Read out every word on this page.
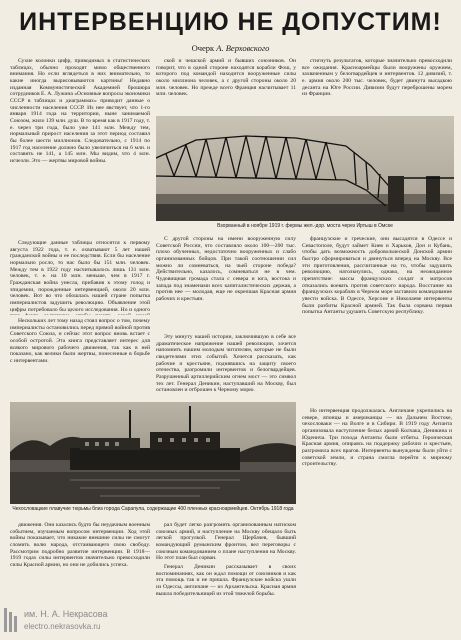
ИНТЕРВЕНЦИЮ НЕ ДОПУСТИМ!
Очерк А. Верховского

Сухие колонки цифр, приводимых в статистических таблицах, обычно проходят мимо общественного внимания. Но если вглядеться в них внимательно, то какие иногда вырисовываются картины! Недавно изданная Коммунистической Академией брошюра сотрудников Е. А. Лужина «Основные вопросы экономики СССР в таблицах и диаграммах» приводит данные о численности населения СССР. Из нее явствует, что 1-го января 1914 года на территории, ныне занимаемой Союзом, жило 139 млн. душ. В то время как в 1917 году, т. е. через три года, было уже 141 млн. Между тем, нормальный прирост населения за этот период составил бы более шести миллионов. Следовательно, с 1914 по 1917 год население должно было увеличиться на 6 млн. и составить не 141, а 145 млн. Мы видим, что 4 млн. исчезли. Это — жертвы мировой войны.

Следующие данные таблицы относятся к первому августа 1922 года, т. е. охватывают 5 лет нашей гражданской войны и ее последствия. Если бы население нормально росло, то нас было бы 151 млн. человек. Между тем в 1922 году насчитывалось лишь 131 млн. человек, т. е. на 10 млн. меньше, чем в 1917 г. Гражданская война унесла, прибавив к этому голод и эпидемии, порожденные интервенцией, около 20 млн. человек. Вот во что обошлась нашей стране попытка империалистов задушить революцию. Объявление этой цифры потребовало бы целого исследования. Но и одного

Нескольких лет тому назад стоял вопрос о том, почему империалисты остановились перед прямой войной против Советского Союза, и сейчас этот вопрос вновь встает с особой остротой. Эта книга представляет интерес для всякого мирового рабочего движения, так как в ней показано, как велики были жертвы, понесенные в борьбе с интервентами.

ской и чешской армий и бывших союзников. Он говорит, что в одной стороне находятся корабли Фош, у которого под командой находится вооруженные силы около миллиона человек, а с другой стороны около 20 млн. человек. Но прежде всего Франция насчитывает 11 млн. человек.

Взорванный в ноябре 1919 г. фермы жел.-дор. моста через Иртыш в Омске

С другой стороны на имени вооруженную силу Советской России, что составляло около 100—200 тыс. плохо обученных, недостаточно вооруженных и слабо организованных бойцов. При такой соотношении сил можно ли сомневаться, на чьей стороне победа? Действительно, казалось, сомневаться не в чем. Чудовищная громада стала с севера и юга, востока и запада под знаменами всех капиталистических держав, а против нее — молодая, еще не окрепшая Красная армия рабочих и крестьян.

Эту минуту нашей истории, заключившую в себе все драматическое напряжение нашей революции, хочется напомнить нашим молодым читателям, которые не были свидетелями этих событий. Хочется рассказать, как рабочие и крестьяне, поднявшись на защиту своего отечества, разгромили интервентов и белогвардейцев. Разрушенный артиллерийским огнем мост — это символ тех лет. Генерал Деникин, наступавший на Москву, был остановлен и отброшен к Черному морю.

стигнуть результатов, которые значительно превосходили все ожидания. Красноармейцы были вооружены оружием, захваченным у белогвардейцев и интервентов. 12 дивизий, т. е. армия около 200 тыс. человек, будет двинута высадкою десанта на Юге России. Дивизии будут переброшены морем из Франции.

французские и греческие, они высадятся в Одессе и Севастополе, будут займет Киев и Харьков, Дон и Кубань, чтобы дать возможность добровольческой Донской армии быстро сформироваться и двинуться вперед на Москву. Все эти приготовления, рассчитанные на то, чтобы задушить революцию, натолкнулись, однако, на неожиданное препятствие: массы французских солдат и матросов отказались воевать против советского народа. Восстание на французских кораблях в Черном море заставило командование увести войска. В Одессе, Херсоне и Николаеве интервенты были разбиты Красной армией. Так была сорвана первая попытка Антанты удушить Советскую республику.

Но интервенция продолжалась. Англичане укрепились на севере, японцы и американцы — на Дальнем Востоке, чехословаки — на Волге и в Сибири. В 1919 году Антанта организовала наступление белых армий Колчака, Деникина и Юденича. Три похода Антанты были отбиты. Героическая Красная армия, опираясь на поддержку рабочих и крестьян, разгромила всех врагов. Интервенты вынуждены были уйти с советской земли, и страна смогла перейти к мирному строительству.

Чехословацкие плавучие тюрьмы близ города Сарапула, содержащие 400 пленных красноармейцев. Октябрь 1918 года

движения. Они казались будто бы неудачным военным событием, изучаемым вопросом интервенции. Ход этой войны показывает, что никакие внешние силы не смогут сломить волю народа, отстаивающего свою свободу. Рассмотрим подробно развитие интервенции. В 1918—1919 годах силы интервентов значительно превосходили силы Красной армии, но они не добились успеха.

рал будет легко разгромить организованным натиском союзных армий, и наступление на Москву обещало быть легкой прогулкой. Генерал Щербачев, бывший командующий румынским фронтом, вел переговоры с союзным командованием о плане наступления на Москву. Но этот план был сорван.

Генерал Деникин рассказывает в своих воспоминаниях, как он ждал помощи от союзников и как эта помощь так и не пришла. Французские войска ушли из Одессы, англичане — из Архангельска. Красная армия вышла победительницей из этой тяжелой борьбы.

им. Н. А. Некрасова
electro.nekrasovka.ru
